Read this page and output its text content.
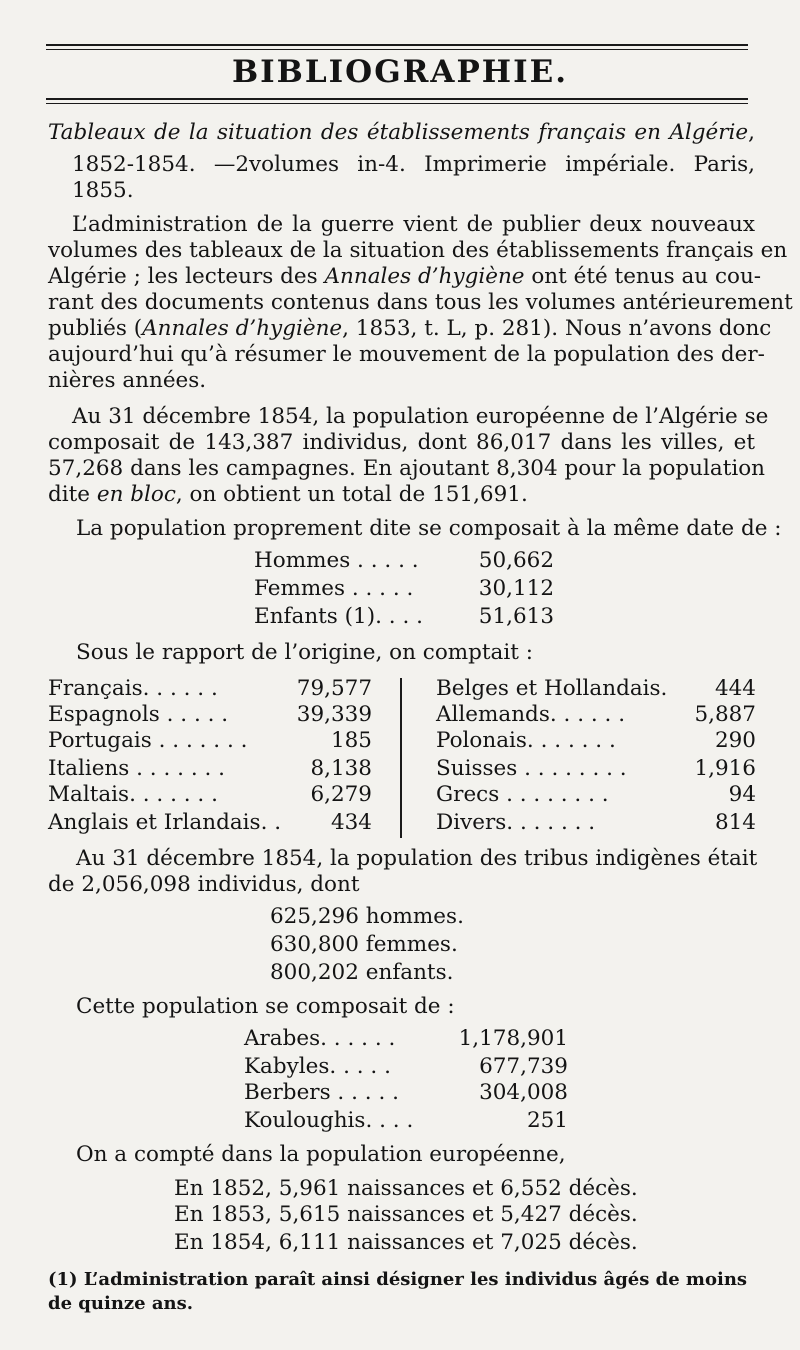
BIBLIOGRAPHIE.
Tableaux de la situation des établissements français en Algérie,
1852-1854. —2volumes in-4. Imprimerie impériale. Paris,
1855.
L’administration de la guerre vient de publier deux nouveaux
volumes des tableaux de la situation des établissements français en
Algérie ; les lecteurs des Annales d’hygiène ont été tenus au cou-
rant des documents contenus dans tous les volumes antérieurement
publiés (Annales d’hygiène, 1853, t. L, p. 281). Nous n’avons donc
aujourd’hui qu’à résumer le mouvement de la population des der-
nières années.
Au 31 décembre 1854, la population européenne de l’Algérie se
composait de 143,387 individus, dont 86,017 dans les villes, et
57,268 dans les campagnes. En ajoutant 8,304 pour la population
dite en bloc, on obtient un total de 151,691.
La population proprement dite se composait à la même date de :
Hommes . . . . .	50,662
Femmes . . . . .	30,112
Enfants (1). . . .	51,613
Sous le rapport de l’origine, on comptait :
Français. . . . . .	79,577
Espagnols . . . . .	39,339
Portugais . . . . . . .	185
Italiens . . . . . . .	8,138
Maltais. . . . . . .	6,279
Anglais et Irlandais. .	434
Belges et Hollandais.	444
Allemands. . . . . .	5,887
Polonais. . . . . . .	290
Suisses . . . . . . . .	1,916
Grecs . . . . . . . .	94
Divers. . . . . . .	814
Au 31 décembre 1854, la population des tribus indigènes était
de 2,056,098 individus, dont
625,296 hommes.
630,800 femmes.
800,202 enfants.
Cette population se composait de :
Arabes. . . . . .	1,178,901
Kabyles. . . . .	677,739
Berbers . . . . .	304,008
Kouloughis. . . .	251
On a compté dans la population européenne,
En 1852, 5,961 naissances et 6,552 décès.
En 1853, 5,615 naissances et 5,427 décès.
En 1854, 6,111 naissances et 7,025 décès.
(1) L’administration paraît ainsi désigner les individus âgés de moins
de quinze ans.
